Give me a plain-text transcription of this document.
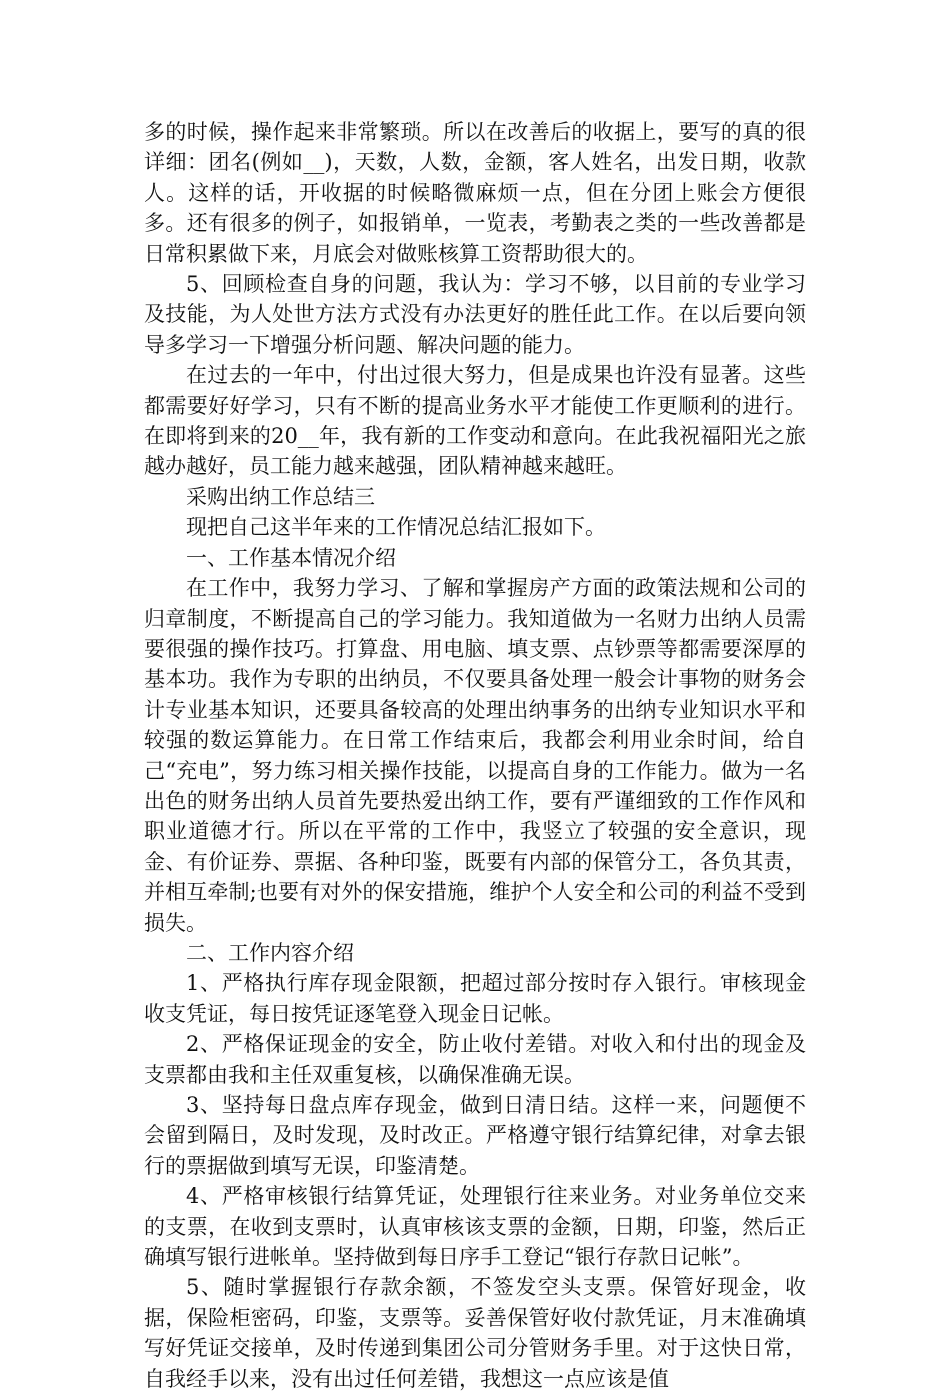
多的时候，操作起来非常繁琐。所以在改善后的收据上，要写的真的很详细：团名(例如__)，天数，人数，金额，客人姓名，出发日期，收款人。这样的话，开收据的时候略微麻烦一点，但在分团上账会方便很多。还有很多的例子，如报销单，一览表，考勤表之类的一些改善都是日常积累做下来，月底会对做账核算工资帮助很大的。

5、回顾检查自身的问题，我认为：学习不够，以目前的专业学习及技能，为人处世方法方式没有办法更好的胜任此工作。在以后要向领导多学习一下增强分析问题、解决问题的能力。

在过去的一年中，付出过很大努力，但是成果也许没有显著。这些都需要好好学习，只有不断的提高业务水平才能使工作更顺利的进行。在即将到来的20__年，我有新的工作变动和意向。在此我祝福阳光之旅越办越好，员工能力越来越强，团队精神越来越旺。

采购出纳工作总结三

现把自己这半年来的工作情况总结汇报如下。

一、工作基本情况介绍

在工作中，我努力学习、了解和掌握房产方面的政策法规和公司的归章制度，不断提高自己的学习能力。我知道做为一名财力出纳人员需要很强的操作技巧。打算盘、用电脑、填支票、点钞票等都需要深厚的基本功。我作为专职的出纳员，不仅要具备处理一般会计事物的财务会计专业基本知识，还要具备较高的处理出纳事务的出纳专业知识水平和较强的数运算能力。在日常工作结束后，我都会利用业余时间，给自己“充电”，努力练习相关操作技能，以提高自身的工作能力。做为一名出色的财务出纳人员首先要热爱出纳工作，要有严谨细致的工作作风和职业道德才行。所以在平常的工作中，我竖立了较强的安全意识，现金、有价证券、票据、各种印鉴，既要有内部的保管分工，各负其责，并相互牵制;也要有对外的保安措施，维护个人安全和公司的利益不受到损失。

二、工作内容介绍

1、严格执行库存现金限额，把超过部分按时存入银行。审核现金收支凭证，每日按凭证逐笔登入现金日记帐。

2、严格保证现金的安全，防止收付差错。对收入和付出的现金及支票都由我和主任双重复核，以确保准确无误。

3、坚持每日盘点库存现金，做到日清日结。这样一来，问题便不会留到隔日，及时发现，及时改正。严格遵守银行结算纪律，对拿去银行的票据做到填写无误，印鉴清楚。

4、严格审核银行结算凭证，处理银行往来业务。对业务单位交来的支票，在收到支票时，认真审核该支票的金额，日期，印鉴，然后正确填写银行进帐单。坚持做到每日序手工登记“银行存款日记帐”。

5、随时掌握银行存款余额，不签发空头支票。保管好现金，收据，保险柜密码，印鉴，支票等。妥善保管好收付款凭证，月末准确填写好凭证交接单，及时传递到集团公司分管财务手里。对于这快日常，自我经手以来，没有出过任何差错，我想这一点应该是值
